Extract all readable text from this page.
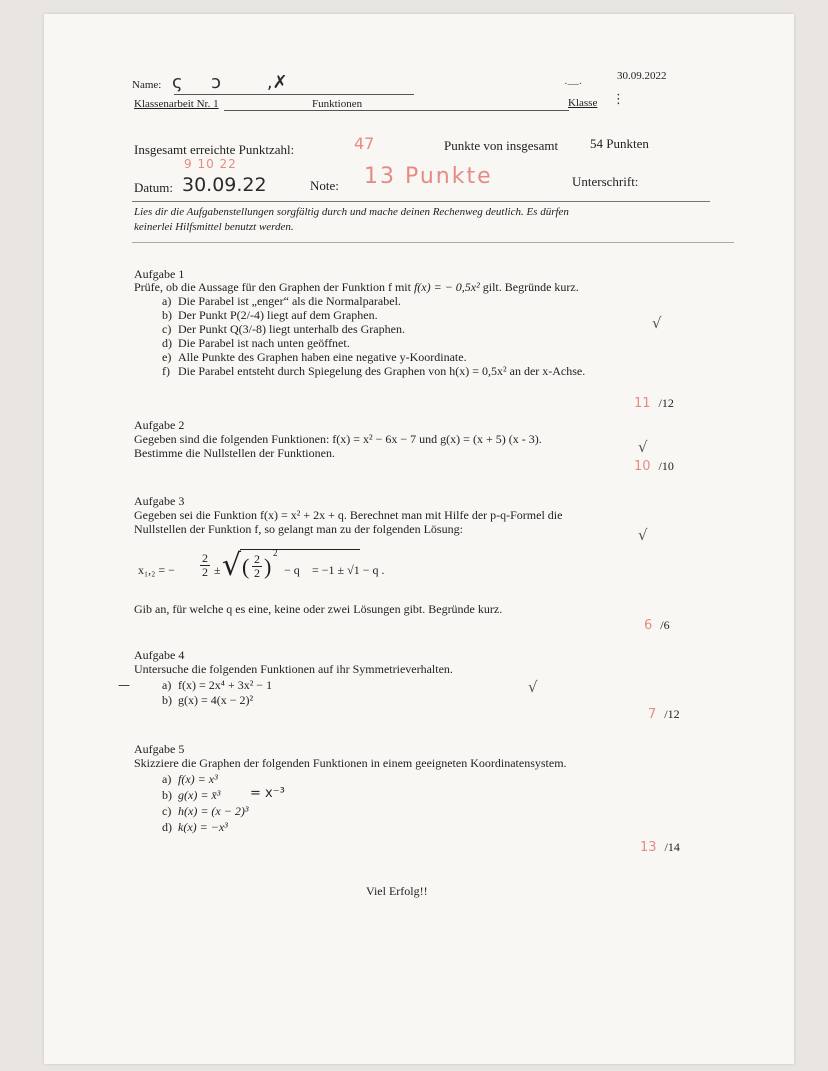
Name: ς     ↄ        ,✗	·—·
30.09.2022
Klassenarbeit Nr. 1	Funktionen	Klasse ⋮
Insgesamt erreichte Punktzahl:	47
9 10 22
Punkte von insgesamt 54 Punkten
Datum: 30.09.22	Note: 13 Punkte	Unterschrift:
Lies dir die Aufgabenstellungen sorgfältig durch und mache deinen Rechenweg deutlich. Es dürfen
keinerlei Hilfsmittel benutzt werden.
Aufgabe 1
Prüfe, ob die Aussage für den Graphen der Funktion f mit f(x) = − 0,5x² gilt. Begründe kurz.
a) Die Parabel ist „enger“ als die Normalparabel.
b) Der Punkt P(2/-4) liegt auf dem Graphen.
c) Der Punkt Q(3/-8) liegt unterhalb des Graphen.
d) Die Parabel ist nach unten geöffnet.
e) Alle Punkte des Graphen haben eine negative y-Koordinate.
f) Die Parabel entsteht durch Spiegelung des Graphen von h(x) = 0,5x² an der x-Achse.
√
11 /12
Aufgabe 2
Gegeben sind die folgenden Funktionen: f(x) = x² − 6x − 7 und g(x) = (x + 5) (x - 3).
Bestimme die Nullstellen der Funktionen.	√
10 /10
Aufgabe 3
Gegeben sei die Funktion f(x) = x² + 2x + q. Berechnet man mit Hilfe der p-q-Formel die
Nullstellen der Funktion f, so gelangt man zu der folgenden Lösung:	√
x₁,₂ = −
2
2 ± √ ( 2
2 )
2
− q = −1 ± √1 − q .
Gib an, für welche q es eine, keine oder zwei Lösungen gibt. Begründe kurz.
6 /6
Aufgabe 4
Untersuche die folgenden Funktionen auf ihr Symmetrieverhalten.
—	a) f(x) = 2x⁴ + 3x² − 1
b) g(x) = 4(x − 2)²
√
7 /12
Aufgabe 5
Skizziere die Graphen der folgenden Funktionen in einem geeigneten Koordinatensystem.
a) f(x) = x³
b) g(x) = x̄³ = x⁻³
c) h(x) = (x − 2)³
d) k(x) = −x³
13 /14
Viel Erfolg!!
